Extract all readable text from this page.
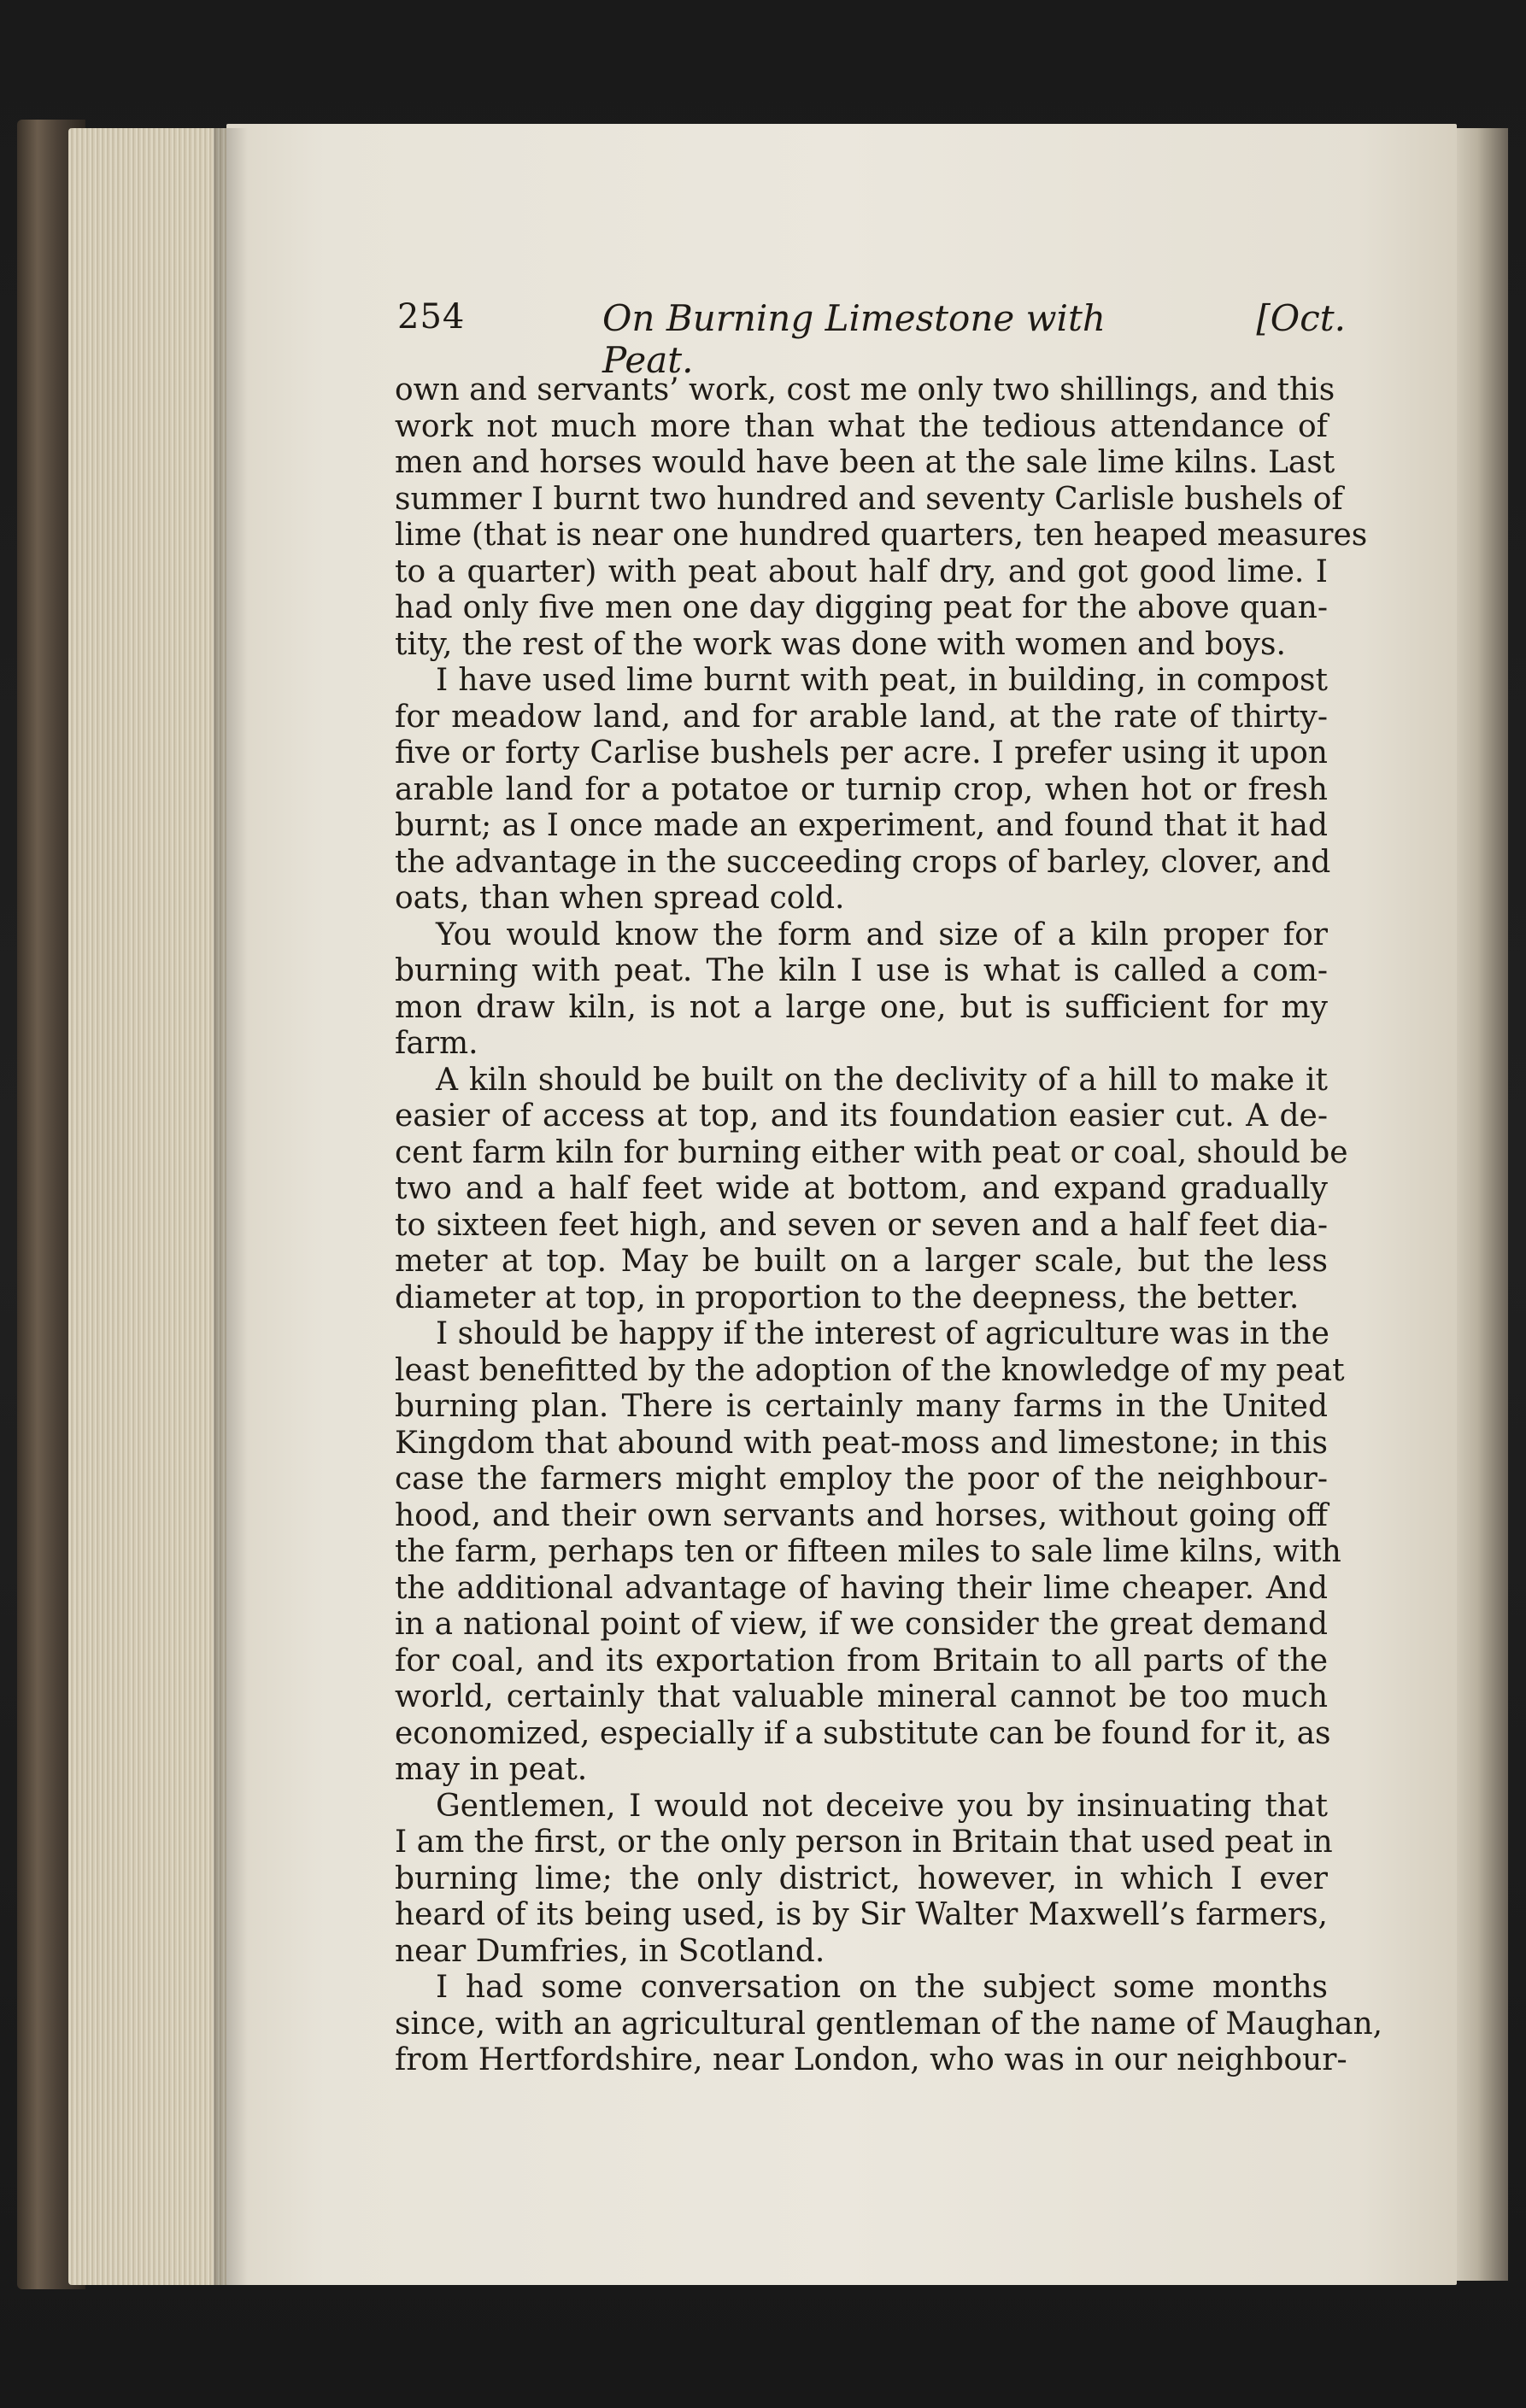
254	On Burning Limestone with Peat.
[Oct.
own and servants’ work, cost me only two shillings, and this
work not much more than what the tedious attendance of
men and horses would have been at the sale lime kilns. Last
summer I burnt two hundred and seventy Carlisle bushels of
lime (that is near one hundred quarters, ten heaped measures
to a quarter) with peat about half dry, and got good lime. I
had only five men one day digging peat for the above quan-
tity, the rest of the work was done with women and boys.
I have used lime burnt with peat, in building, in compost
for meadow land, and for arable land, at the rate of thirty-
five or forty Carlise bushels per acre. I prefer using it upon
arable land for a potatoe or turnip crop, when hot or fresh
burnt; as I once made an experiment, and found that it had
the advantage in the succeeding crops of barley, clover, and
oats, than when spread cold.
You would know the form and size of a kiln proper for
burning with peat. The kiln I use is what is called a com-
mon draw kiln, is not a large one, but is sufficient for my
farm.
A kiln should be built on the declivity of a hill to make it
easier of access at top, and its foundation easier cut. A de-
cent farm kiln for burning either with peat or coal, should be
two and a half feet wide at bottom, and expand gradually
to sixteen feet high, and seven or seven and a half feet dia-
meter at top. May be built on a larger scale, but the less
diameter at top, in proportion to the deepness, the better.
I should be happy if the interest of agriculture was in the
least benefitted by the adoption of the knowledge of my peat
burning plan. There is certainly many farms in the United
Kingdom that abound with peat-moss and limestone; in this
case the farmers might employ the poor of the neighbour-
hood, and their own servants and horses, without going off
the farm, perhaps ten or fifteen miles to sale lime kilns, with
the additional advantage of having their lime cheaper. And
in a national point of view, if we consider the great demand
for coal, and its exportation from Britain to all parts of the
world, certainly that valuable mineral cannot be too much
economized, especially if a substitute can be found for it, as
may in peat.
Gentlemen, I would not deceive you by insinuating that
I am the first, or the only person in Britain that used peat in
burning lime; the only district, however, in which I ever
heard of its being used, is by Sir Walter Maxwell’s farmers,
near Dumfries, in Scotland.
I had some conversation on the subject some months
since, with an agricultural gentleman of the name of Maughan,
from Hertfordshire, near London, who was in our neighbour-
